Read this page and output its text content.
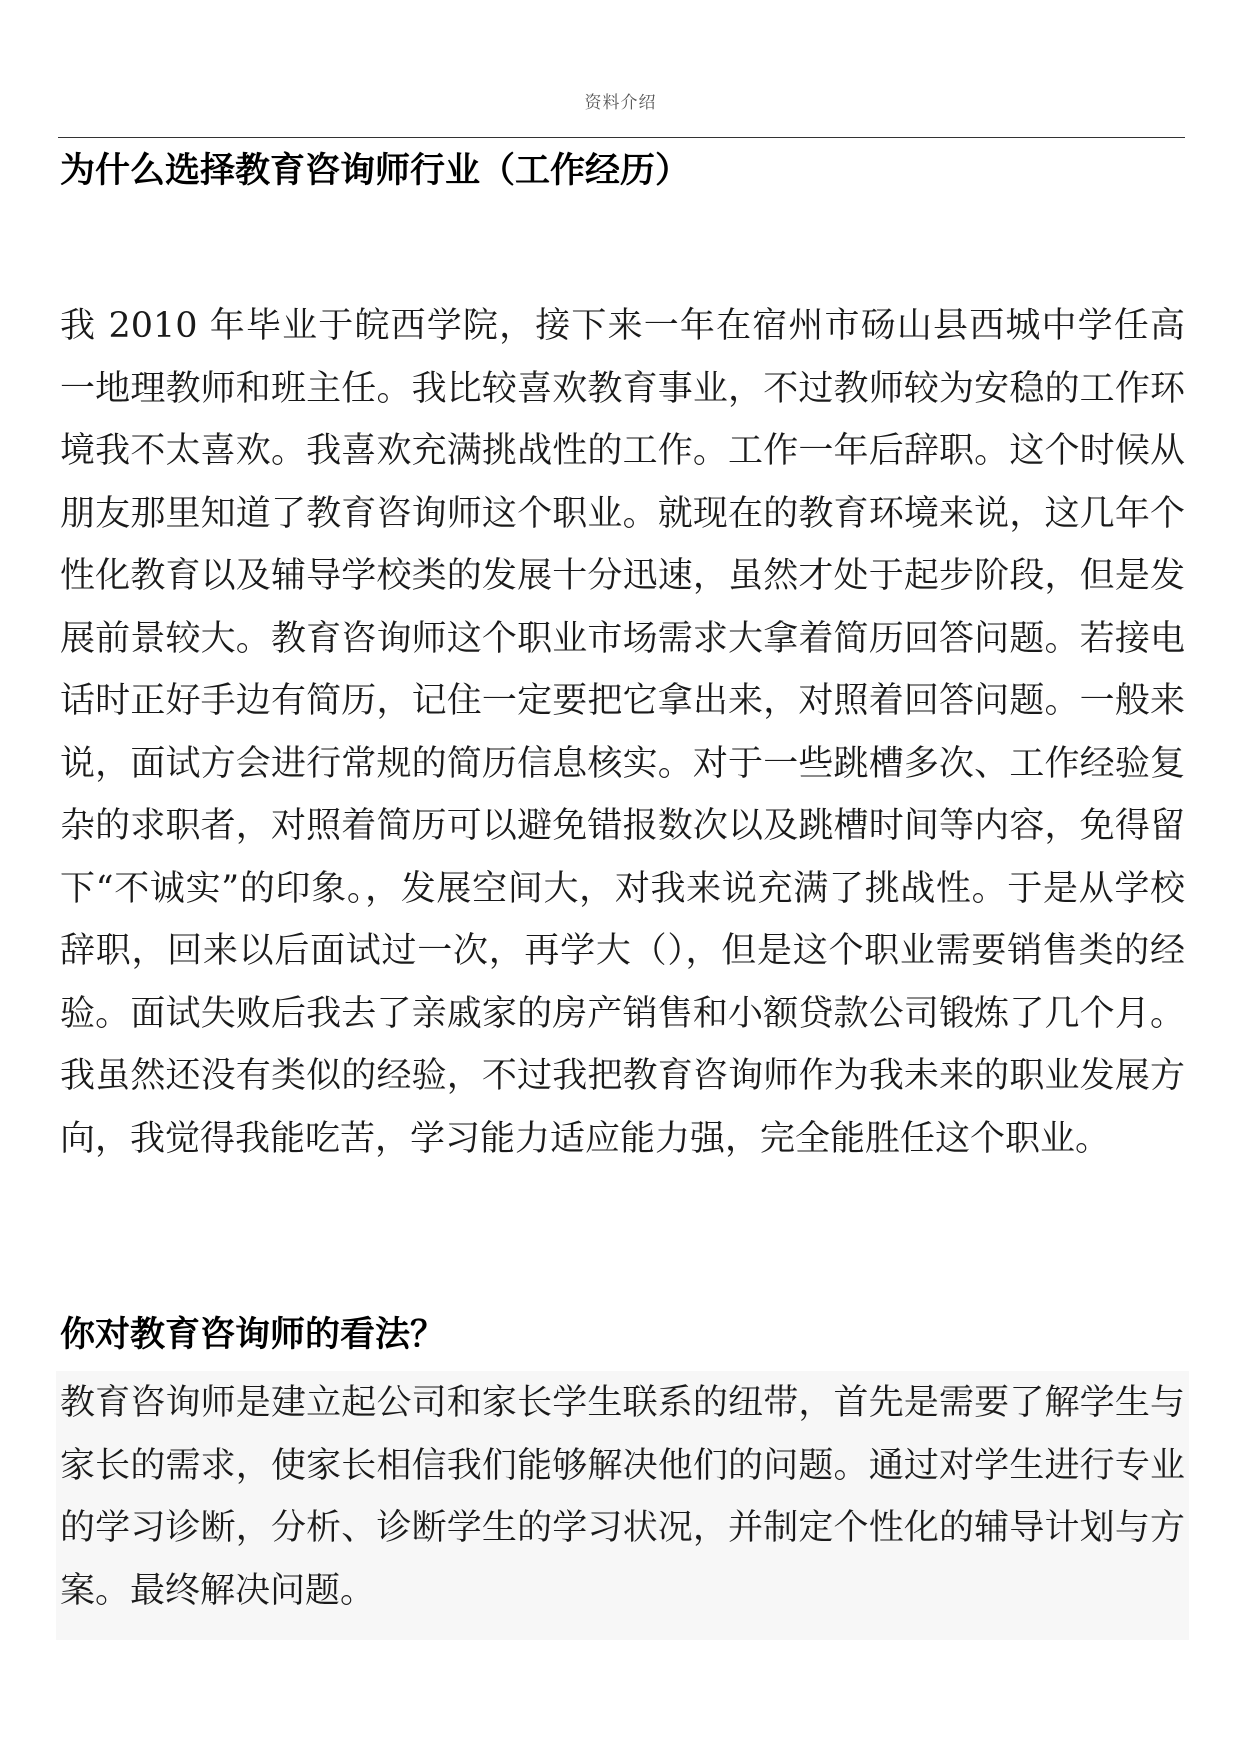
资料介绍
为什么选择教育咨询师行业（工作经历）

我 2010 年毕业于皖西学院，接下来一年在宿州市砀山县西城中学任高一地理教师和班主任。我比较喜欢教育事业，不过教师较为安稳的工作环境我不太喜欢。我喜欢充满挑战性的工作。工作一年后辞职。这个时候从朋友那里知道了教育咨询师这个职业。就现在的教育环境来说，这几年个性化教育以及辅导学校类的发展十分迅速，虽然才处于起步阶段，但是发展前景较大。教育咨询师这个职业市场需求大拿着简历回答问题。若接电话时正好手边有简历，记住一定要把它拿出来，对照着回答问题。一般来说，面试方会进行常规的简历信息核实。对于一些跳槽多次、工作经验复杂的求职者，对照着简历可以避免错报数次以及跳槽时间等内容，免得留下“不诚实”的印象。，发展空间大，对我来说充满了挑战性。于是从学校辞职，回来以后面试过一次，再学大（），但是这个职业需要销售类的经验。面试失败后我去了亲戚家的房产销售和小额贷款公司锻炼了几个月。我虽然还没有类似的经验，不过我把教育咨询师作为我未来的职业发展方向，我觉得我能吃苦，学习能力适应能力强，完全能胜任这个职业。

你对教育咨询师的看法？

教育咨询师是建立起公司和家长学生联系的纽带，首先是需要了解学生与家长的需求，使家长相信我们能够解决他们的问题。通过对学生进行专业的学习诊断，分析、诊断学生的学习状况，并制定个性化的辅导计划与方案。最终解决问题。
